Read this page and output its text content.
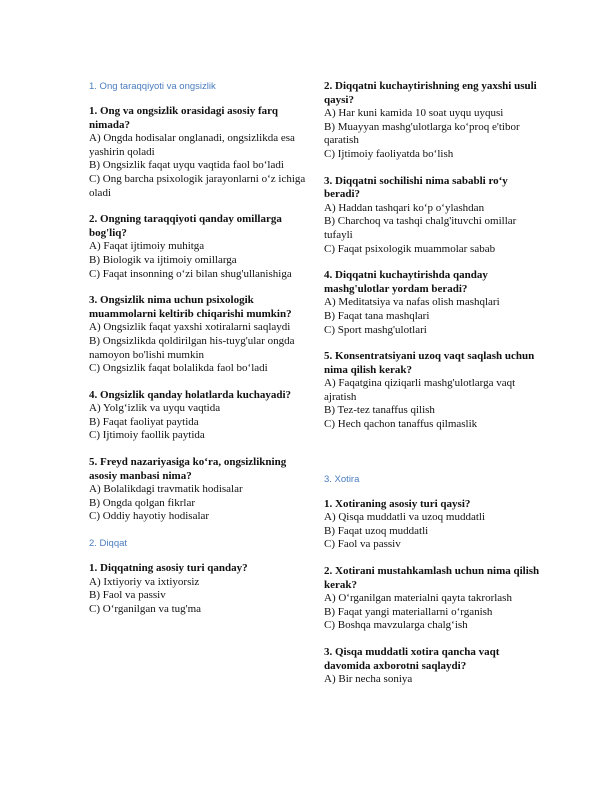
1. Ong taraqqiyoti va ongsizlik

1. Ong va ongsizlik orasidagi asosiy farq nimada?

A) Ongda hodisalar onglanadi, ongsizlikda esa yashirin qoladi

B) Ongsizlik faqat uyqu vaqtida faol bo‘ladi

C) Ong barcha psixologik jarayonlarni o‘z ichiga oladi

2. Ongning taraqqiyoti qanday omillarga bog'liq?

A) Faqat ijtimoiy muhitga

B) Biologik va ijtimoiy omillarga

C) Faqat insonning o‘zi bilan shug'ullanishiga

3. Ongsizlik nima uchun psixologik muammolarni keltirib chiqarishi mumkin?

A) Ongsizlik faqat yaxshi xotiralarni saqlaydi

B) Ongsizlikda qoldirilgan his-tuyg'ular ongda namoyon bo'lishi mumkin

C) Ongsizlik faqat bolalikda faol bo‘ladi

4. Ongsizlik qanday holatlarda kuchayadi?

A) Yolg‘izlik va uyqu vaqtida

B) Faqat faoliyat paytida

C) Ijtimoiy faollik paytida

5. Freyd nazariyasiga ko‘ra, ongsizlikning asosiy manbasi nima?

A) Bolalikdagi travmatik hodisalar

B) Ongda qolgan fikrlar

C) Oddiy hayotiy hodisalar

2. Diqqat

1. Diqqatning asosiy turi qanday?

A) Ixtiyoriy va ixtiyorsiz

B) Faol va passiv

C) O‘rganilgan va tug'ma

2. Diqqatni kuchaytirishning eng yaxshi usuli qaysi?

A) Har kuni kamida 10 soat uyqu uyqusi

B) Muayyan mashg'ulotlarga ko‘proq e'tibor qaratish

C) Ijtimoiy faoliyatda bo‘lish

3. Diqqatni sochilishi nima sababli ro‘y beradi?

A) Haddan tashqari ko‘p o‘ylashdan

B) Charchoq va tashqi chalg'ituvchi omillar tufayli

C) Faqat psixologik muammolar sabab

4. Diqqatni kuchaytirishda qanday mashg'ulotlar yordam beradi?

A) Meditatsiya va nafas olish mashqlari

B) Faqat tana mashqlari

C) Sport mashg'ulotlari

5. Konsentratsiyani uzoq vaqt saqlash uchun nima qilish kerak?

A) Faqatgina qiziqarli mashg'ulotlarga vaqt ajratish

B) Tez-tez tanaffus qilish

C) Hech qachon tanaffus qilmaslik

3. Xotira

1. Xotiraning asosiy turi qaysi?

A) Qisqa muddatli va uzoq muddatli

B) Faqat uzoq muddatli

C) Faol va passiv

2. Xotirani mustahkamlash uchun nima qilish kerak?

A) O‘rganilgan materialni qayta takrorlash

B) Faqat yangi materiallarni o‘rganish

C) Boshqa mavzularga chalg‘ish

3. Qisqa muddatli xotira qancha vaqt davomida axborotni saqlaydi?

A) Bir necha soniya
